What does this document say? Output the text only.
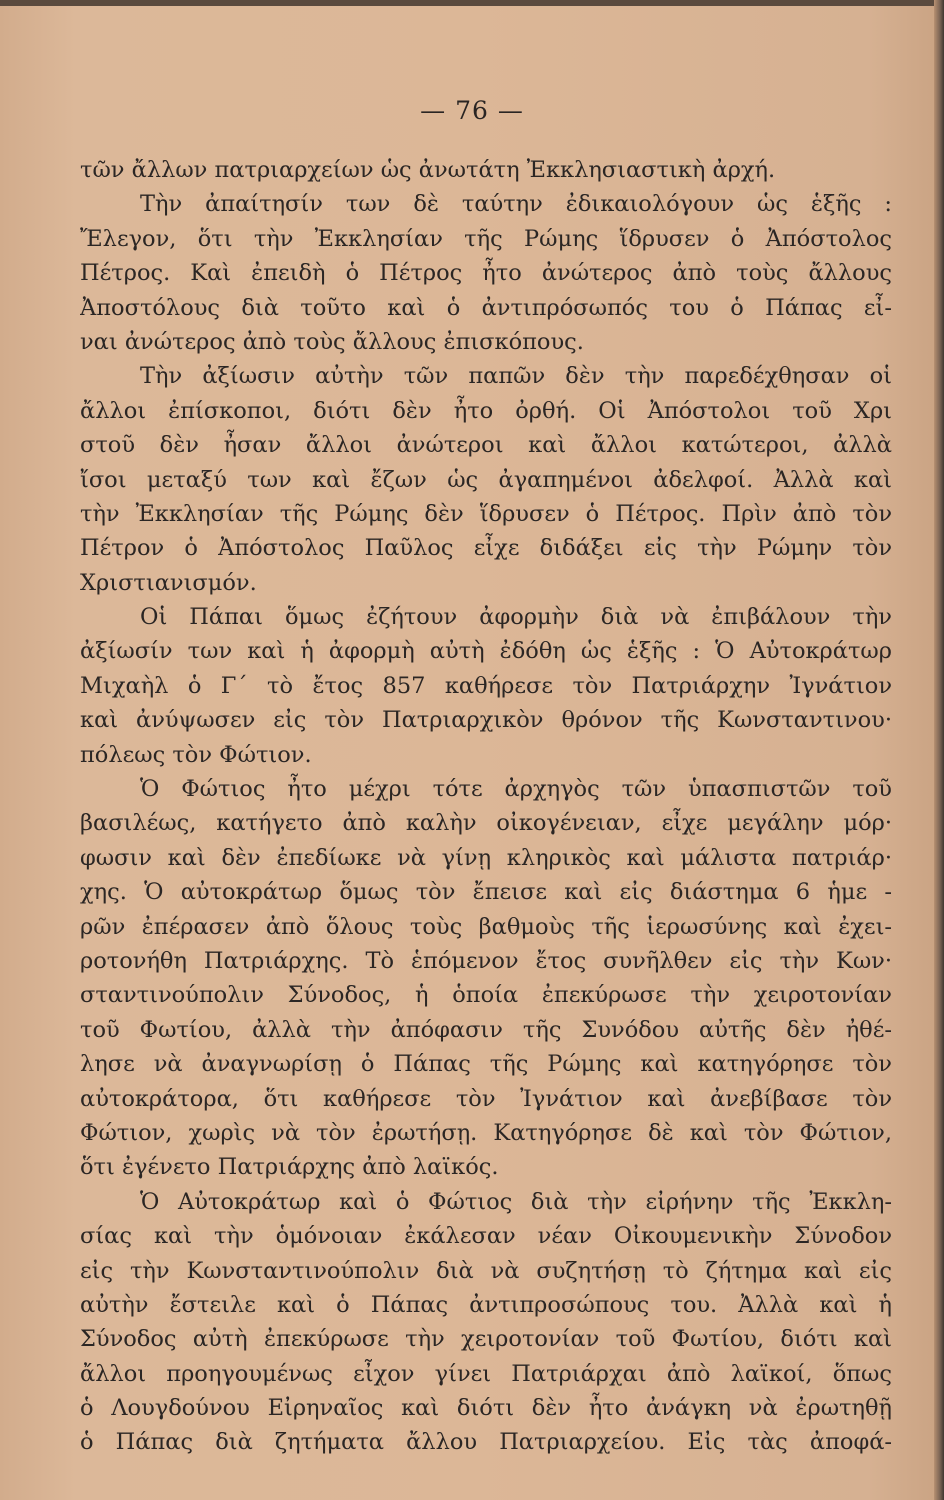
— 76 —
τῶν ἄλλων πατριαρχείων ὡς ἀνωτάτη Ἐκκλησιαστικὴ ἀρχή.
Τὴν ἀπαίτησίν των δὲ ταύτην ἐδικαιολόγουν ὡς ἑξῆς :
Ἔλεγον, ὅτι τὴν Ἐκκλησίαν τῆς Ρώμης ἵδρυσεν ὁ Ἀπόστολος
Πέτρος. Καὶ ἐπειδὴ ὁ Πέτρος ἦτο ἀνώτερος ἀπὸ τοὺς ἄλλους
Ἀποστόλους διὰ τοῦτο καὶ ὁ ἀντιπρόσωπός του ὁ Πάπας εἶ-
ναι ἀνώτερος ἀπὸ τοὺς ἄλλους ἐπισκόπους.
Τὴν ἀξίωσιν αὐτὴν τῶν παπῶν δὲν τὴν παρεδέχθησαν οἱ
ἄλλοι ἐπίσκοποι, διότι δὲν ἦτο ὀρθή. Οἱ Ἀπόστολοι τοῦ Χρι
στοῦ δὲν ἦσαν ἄλλοι ἀνώτεροι καὶ ἄλλοι κατώτεροι, ἀλλὰ
ἴσοι μεταξύ των καὶ ἔζων ὡς ἀγαπημένοι ἀδελφοί. Ἀλλὰ καὶ
τὴν Ἐκκλησίαν τῆς Ρώμης δὲν ἵδρυσεν ὁ Πέτρος. Πρὶν ἀπὸ τὸν
Πέτρον ὁ Ἀπόστολος Παῦλος εἶχε διδάξει εἰς τὴν Ρώμην τὸν
Χριστιανισμόν.
Οἱ Πάπαι ὅμως ἐζήτουν ἀφορμὴν διὰ νὰ ἐπιβάλουν τὴν
ἀξίωσίν των καὶ ἡ ἀφορμὴ αὐτὴ ἐδόθη ὡς ἑξῆς : Ὁ Αὐτοκράτωρ
Μιχαὴλ ὁ Γ΄ τὸ ἔτος 857 καθήρεσε τὸν Πατριάρχην Ἰγνάτιον
καὶ ἀνύψωσεν εἰς τὸν Πατριαρχικὸν θρόνον τῆς Κωνσταντινου·
πόλεως τὸν Φώτιον.
Ὁ Φώτιος ἦτο μέχρι τότε ἀρχηγὸς τῶν ὑπασπιστῶν τοῦ
βασιλέως, κατήγετο ἀπὸ καλὴν οἰκογένειαν, εἶχε μεγάλην μόρ·
φωσιν καὶ δὲν ἐπεδίωκε νὰ γίνῃ κληρικὸς καὶ μάλιστα πατριάρ·
χης. Ὁ αὐτοκράτωρ ὅμως τὸν ἔπεισε καὶ εἰς διάστημα 6 ἡμε -
ρῶν ἐπέρασεν ἀπὸ ὅλους τοὺς βαθμοὺς τῆς ἱερωσύνης καὶ ἐχει-
ροτονήθη Πατριάρχης. Τὸ ἑπόμενον ἔτος συνῆλθεν εἰς τὴν Κων·
σταντινούπολιν Σύνοδος, ἡ ὁποία ἐπεκύρωσε τὴν χειροτονίαν
τοῦ Φωτίου, ἀλλὰ τὴν ἀπόφασιν τῆς Συνόδου αὐτῆς δὲν ἠθέ-
λησε νὰ ἀναγνωρίσῃ ὁ Πάπας τῆς Ρώμης καὶ κατηγόρησε τὸν
αὐτοκράτορα, ὅτι καθήρεσε τὸν Ἰγνάτιον καὶ ἀνεβίβασε τὸν
Φώτιον, χωρὶς νὰ τὸν ἐρωτήσῃ. Κατηγόρησε δὲ καὶ τὸν Φώτιον,
ὅτι ἐγένετο Πατριάρχης ἀπὸ λαϊκός.
Ὁ Αὐτοκράτωρ καὶ ὁ Φώτιος διὰ τὴν εἰρήνην τῆς Ἐκκλη-
σίας καὶ τὴν ὁμόνοιαν ἐκάλεσαν νέαν Οἰκουμενικὴν Σύνοδον
εἰς τὴν Κωνσταντινούπολιν διὰ νὰ συζητήσῃ τὸ ζήτημα καὶ εἰς
αὐτὴν ἔστειλε καὶ ὁ Πάπας ἀντιπροσώπους του. Ἀλλὰ καὶ ἡ
Σύνοδος αὐτὴ ἐπεκύρωσε τὴν χειροτονίαν τοῦ Φωτίου, διότι καὶ
ἄλλοι προηγουμένως εἶχον γίνει Πατριάρχαι ἀπὸ λαϊκοί, ὅπως
ὁ Λουγδούνου Εἰρηναῖος καὶ διότι δὲν ἦτο ἀνάγκη νὰ ἐρωτηθῇ
ὁ Πάπας διὰ ζητήματα ἄλλου Πατριαρχείου. Εἰς τὰς ἀποφά-
